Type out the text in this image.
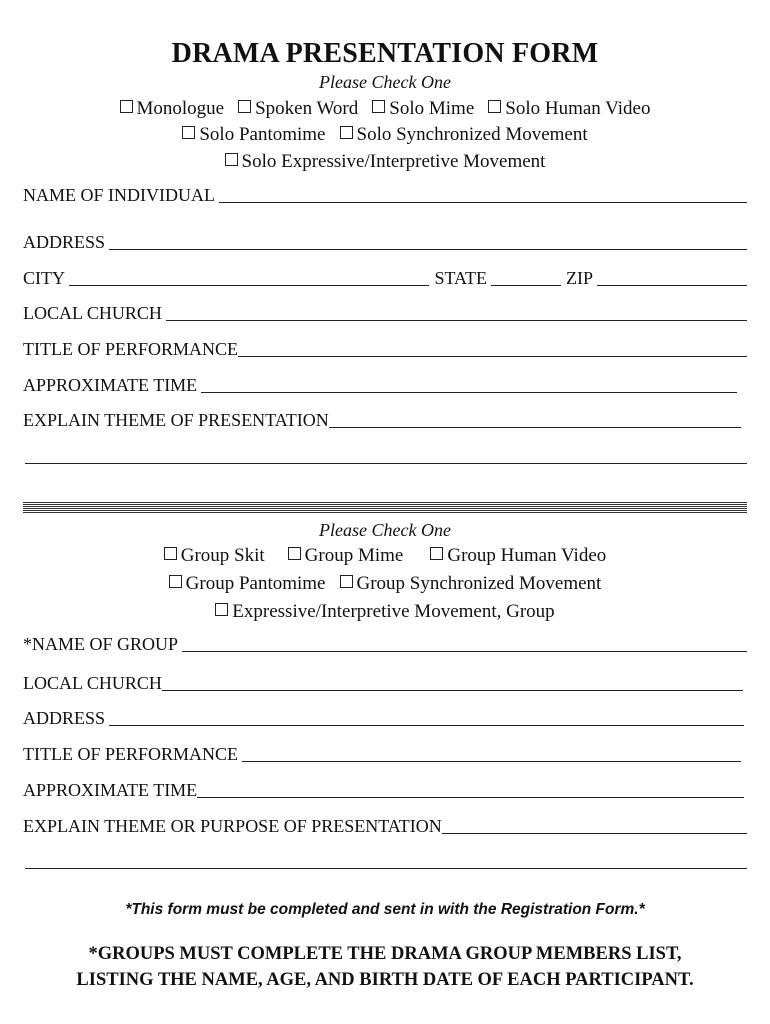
DRAMA PRESENTATION FORM
Please Check One
Monologue Spoken Word Solo Mime Solo Human Video
Solo Pantomime Solo Synchronized Movement
Solo Expressive/Interpretive Movement
NAME OF INDIVIDUAL
ADDRESS
CITY	STATE	ZIP
LOCAL CHURCH
TITLE OF PERFORMANCE
APPROXIMATE TIME
EXPLAIN THEME OF PRESENTATION
Please Check One
Group Skit Group Mime Group Human Video
Group Pantomime Group Synchronized Movement
Expressive/Interpretive Movement, Group
*NAME OF GROUP
LOCAL CHURCH
ADDRESS
TITLE OF PERFORMANCE
APPROXIMATE TIME
EXPLAIN THEME OR PURPOSE OF PRESENTATION
*This form must be completed and sent in with the Registration Form.*
*GROUPS MUST COMPLETE THE DRAMA GROUP MEMBERS LIST,
LISTING THE NAME, AGE, AND BIRTH DATE OF EACH PARTICIPANT.
